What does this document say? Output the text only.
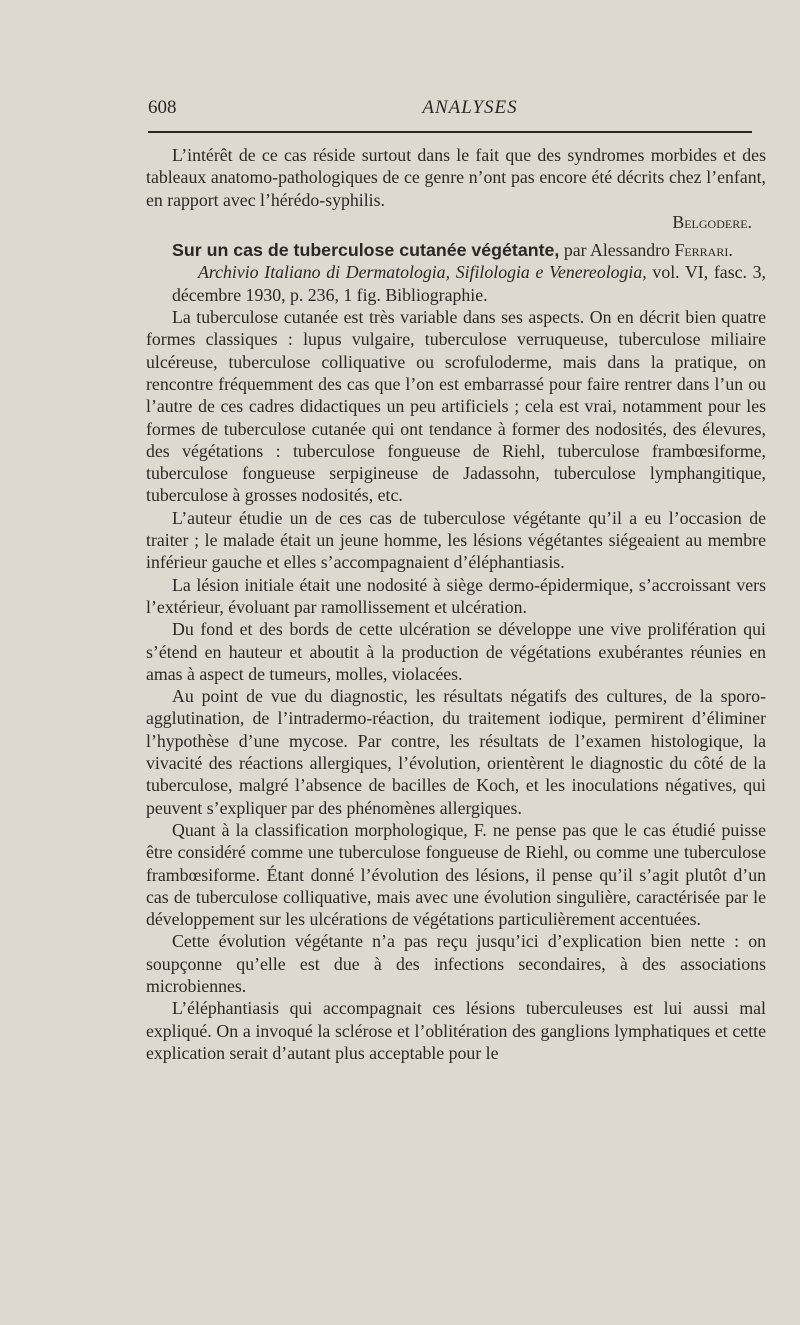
608	ANALYSES

L’intérêt de ce cas réside surtout dans le fait que des syndromes morbides et des tableaux anatomo-pathologiques de ce genre n’ont pas encore été décrits chez l’enfant, en rapport avec l’hérédo-syphilis.

Belgodere.

Sur un cas de tuberculose cutanée végétante, par Alessandro Ferrari.

Archivio Italiano di Dermatologia, Sifilologia e Venereologia, vol. VI, fasc. 3, décembre 1930, p. 236, 1 fig. Bibliographie.

La tuberculose cutanée est très variable dans ses aspects. On en décrit bien quatre formes classiques : lupus vulgaire, tuberculose verruqueuse, tuberculose miliaire ulcéreuse, tuberculose colliquative ou scrofuloderme, mais dans la pratique, on rencontre fréquemment des cas que l’on est embarrassé pour faire rentrer dans l’un ou l’autre de ces cadres didactiques un peu artificiels ; cela est vrai, notamment pour les formes de tuberculose cutanée qui ont tendance à former des nodosités, des élevures, des végétations : tuberculose fongueuse de Riehl, tuberculose frambœsiforme, tuberculose fongueuse serpigineuse de Jadassohn, tuberculose lymphangitique, tuberculose à grosses nodosités, etc.

L’auteur étudie un de ces cas de tuberculose végétante qu’il a eu l’occasion de traiter ; le malade était un jeune homme, les lésions végétantes siégeaient au membre inférieur gauche et elles s’accompagnaient d’éléphantiasis.

La lésion initiale était une nodosité à siège dermo-épidermique, s’accroissant vers l’extérieur, évoluant par ramollissement et ulcération.

Du fond et des bords de cette ulcération se développe une vive prolifération qui s’étend en hauteur et aboutit à la production de végétations exubérantes réunies en amas à aspect de tumeurs, molles, violacées.

Au point de vue du diagnostic, les résultats négatifs des cultures, de la sporo-agglutination, de l’intradermo-réaction, du traitement iodique, permirent d’éliminer l’hypothèse d’une mycose. Par contre, les résultats de l’examen histologique, la vivacité des réactions allergiques, l’évolution, orientèrent le diagnostic du côté de la tuberculose, malgré l’absence de bacilles de Koch, et les inoculations négatives, qui peuvent s’expliquer par des phénomènes allergiques.

Quant à la classification morphologique, F. ne pense pas que le cas étudié puisse être considéré comme une tuberculose fongueuse de Riehl, ou comme une tuberculose frambœsiforme. Étant donné l’évolution des lésions, il pense qu’il s’agit plutôt d’un cas de tuberculose colliquative, mais avec une évolution singulière, caractérisée par le développement sur les ulcérations de végétations particulièrement accentuées.

Cette évolution végétante n’a pas reçu jusqu’ici d’explication bien nette : on soupçonne qu’elle est due à des infections secondaires, à des associations microbiennes.

L’éléphantiasis qui accompagnait ces lésions tuberculeuses est lui aussi mal expliqué. On a invoqué la sclérose et l’oblitération des ganglions lymphatiques et cette explication serait d’autant plus acceptable pour le
